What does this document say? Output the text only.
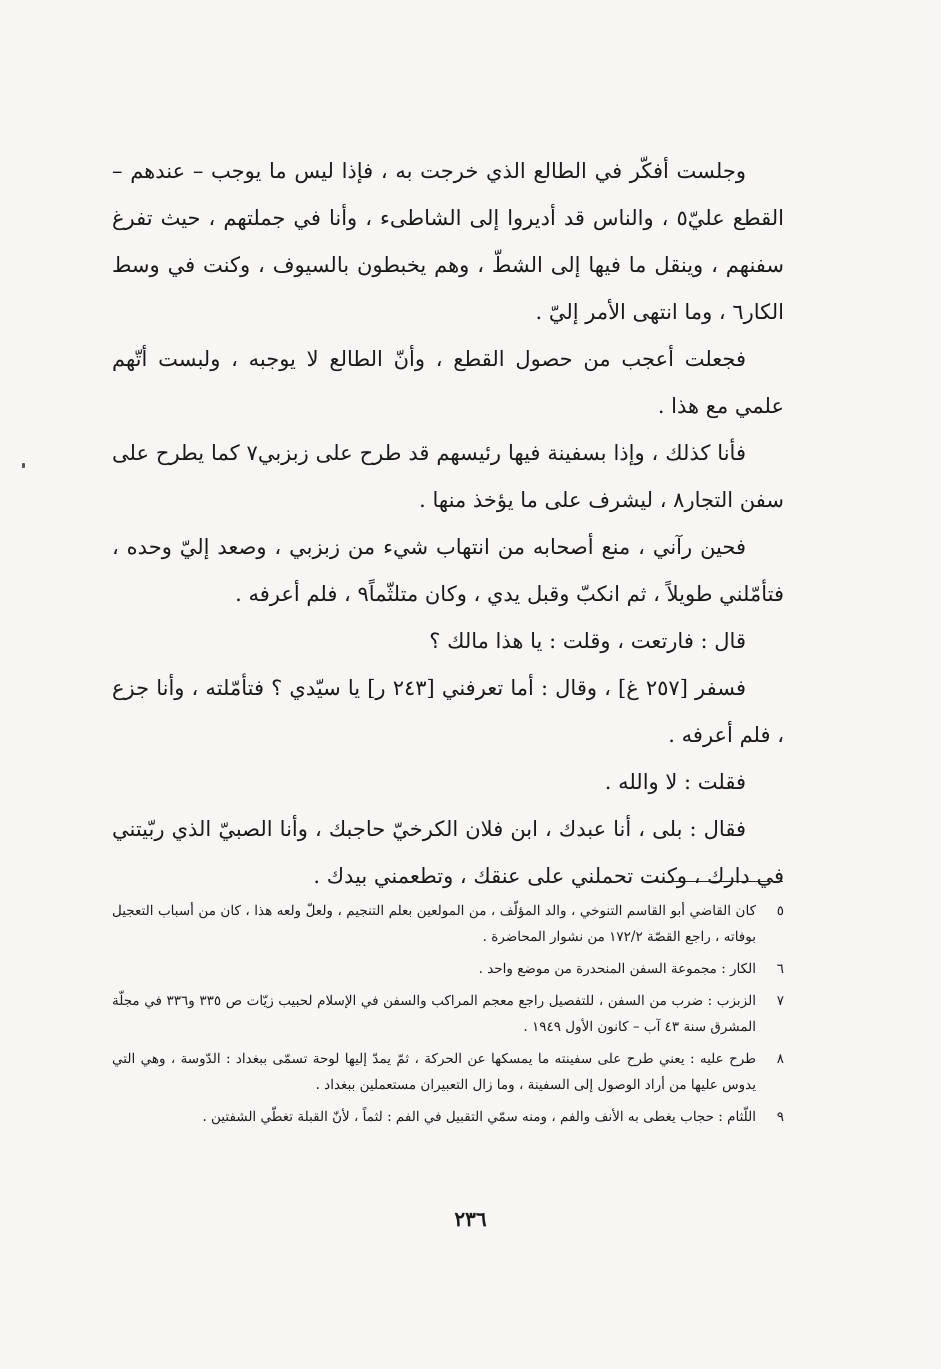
وجلست أفكّر في الطالع الذي خرجت به ، فإذا ليس ما يوجب – عندهم – القطع عليّ٥ ، والناس قد أديروا إلى الشاطىء ، وأنا في جملتهم ، حيث تفرغ سفنهم ، وينقل ما فيها إلى الشطّ ، وهم يخبطون بالسيوف ، وكنت في وسط الكار٦ ، وما انتهى الأمر إليّ .

فجعلت أعجب من حصول القطع ، وأنّ الطالع لا يوجبه ، ولبست أتّهم علمي مع هذا .

فأنا كذلك ، وإذا بسفينة فيها رئيسهم قد طرح على زبزبي٧ كما يطرح على سفن التجار٨ ، ليشرف على ما يؤخذ منها .

فحين رآني ، منع أصحابه من انتهاب شيء من زبزبي ، وصعد إليّ وحده ، فتأمّلني طويلاً ، ثم انكبّ وقبل يدي ، وكان متلثّماً٩ ، فلم أعرفه .

قال : فارتعت ، وقلت : يا هذا مالك ؟

فسفر [٢٥٧ غ] ، وقال : أما تعرفني [٢٤٣ ر] يا سيّدي ؟ فتأمّلته ، وأنا جزع ، فلم أعرفه .

فقلت : لا والله .

فقال : بلى ، أنا عبدك ، ابن فلان الكرخيّ حاجبك ، وأنا الصبيّ الذي ربّيتني في دارك ، وكنت تحملني على عنقك ، وتطعمني بيدك .

٥
كان القاضي أبو القاسم التنوخي ، والد المؤلّف ، من المولعين بعلم التنجيم ، ولعلّ ولعه هذا ، كان من أسباب التعجيل بوفاته ، راجع القصّة ١٧٢/٢ من نشوار المحاضرة .
٦
الكار : مجموعة السفن المنحدرة من موضع واحد .
٧
الزبزب : ضرب من السفن ، للتفصيل راجع معجم المراكب والسفن في الإسلام لحبيب زيّات ص ٣٣٥ و٣٣٦ في مجلّة المشرق سنة ٤٣ آب – كانون الأول ١٩٤٩ .
٨
طرح عليه : يعني طرح على سفينته ما يمسكها عن الحركة ، ثمّ يمدّ إليها لوحة تسمّى ببغداد : الدّوسة ، وهي التي يدوس عليها من أراد الوصول إلى السفينة ، وما زال التعبيران مستعملين ببغداد .
٩
اللّثام : حجاب يغطى به الأنف والفم ، ومنه سمّي التقبيل في الفم : لثماً ، لأنّ القبلة تغطّي الشفتين .
٢٣٦
